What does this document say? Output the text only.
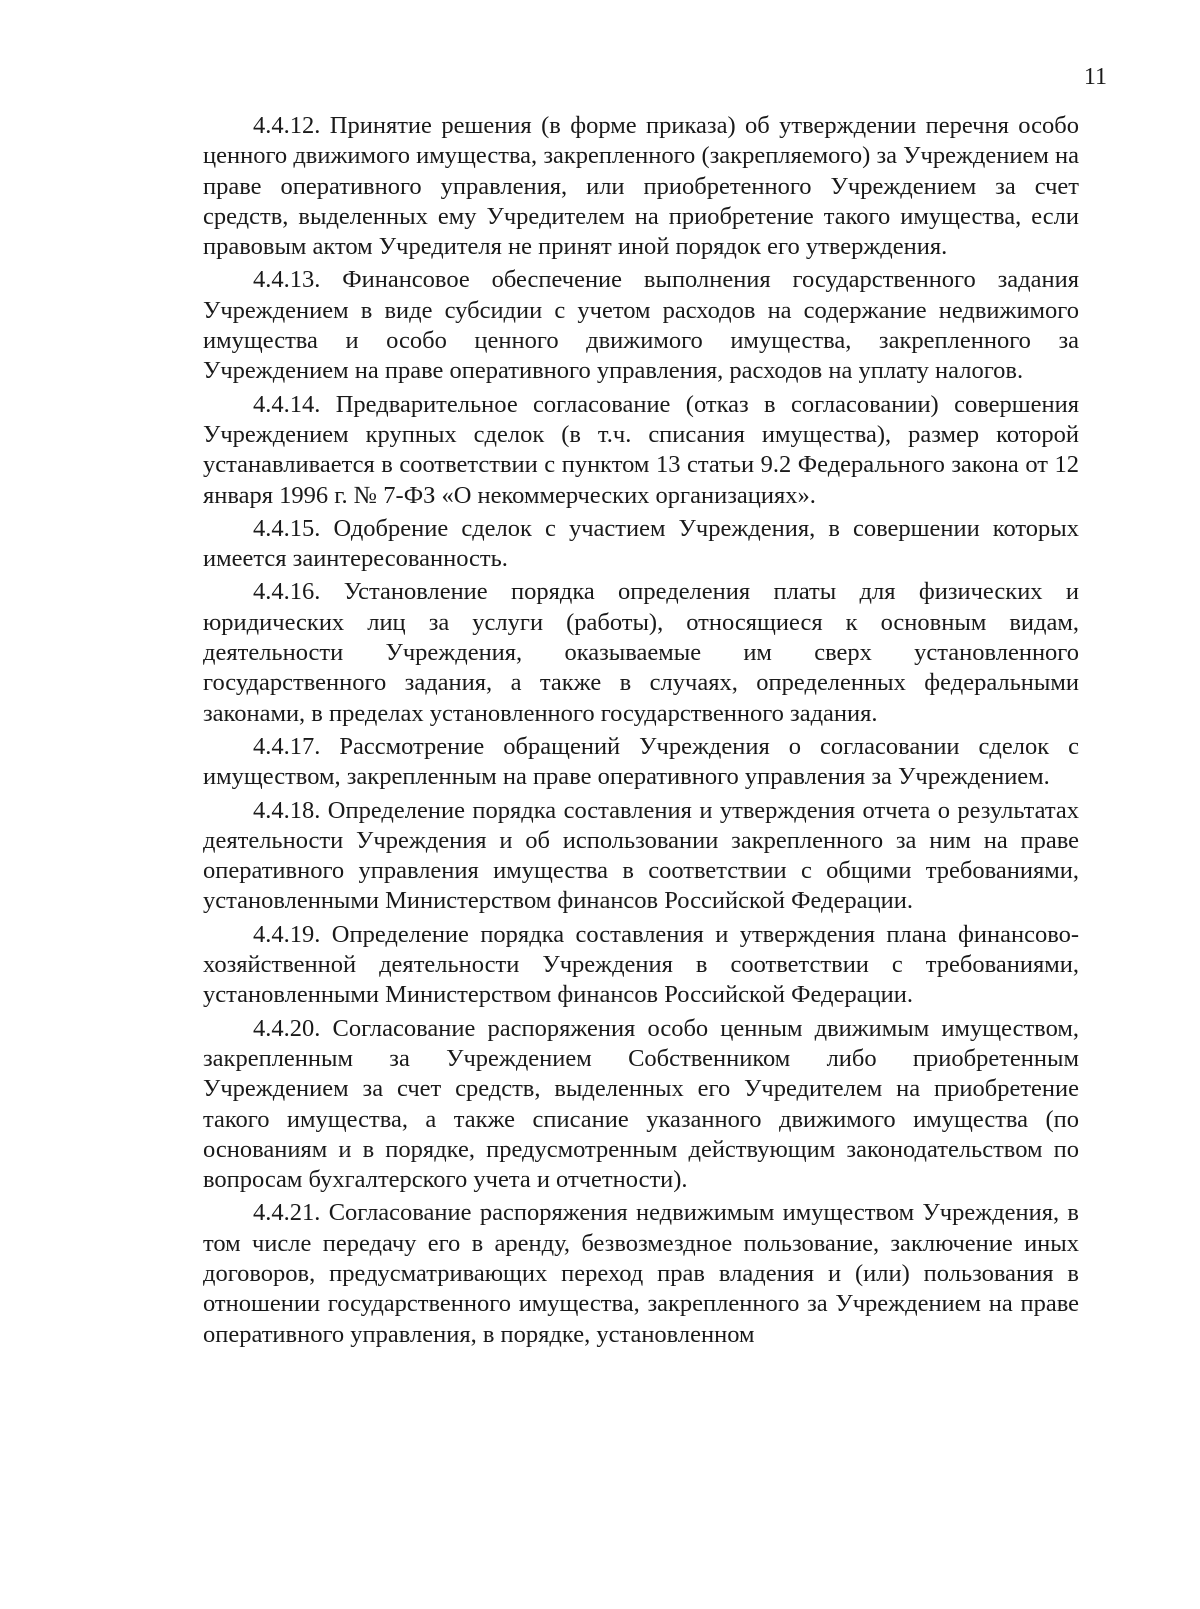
11

4.4.12. Принятие решения (в форме приказа) об утверждении перечня особо ценного движимого имущества, закрепленного (закрепляемого) за Учреждением на праве оперативного управления, или приобретенного Учреждением за счет средств, выделенных ему Учредителем на приобретение такого имущества, если правовым актом Учредителя не принят иной порядок его утверждения.

4.4.13. Финансовое обеспечение выполнения государственного задания Учреждением в виде субсидии с учетом расходов на содержание недвижимого имущества и особо ценного движимого имущества, закрепленного за Учреждением на праве оперативного управления, расходов на уплату налогов.

4.4.14. Предварительное согласование (отказ в согласовании) совершения Учреждением крупных сделок (в т.ч. списания имущества), размер которой устанавливается в соответствии с пунктом 13 статьи 9.2 Федерального закона от 12 января 1996 г. № 7-ФЗ «О некоммерческих организациях».

4.4.15. Одобрение сделок с участием Учреждения, в совершении которых имеется заинтересованность.

4.4.16. Установление порядка определения платы для физических и юридических лиц за услуги (работы), относящиеся к основным видам, деятельности Учреждения, оказываемые им сверх установленного государственного задания, а также в случаях, определенных федеральными законами, в пределах установленного государственного задания.

4.4.17. Рассмотрение обращений Учреждения о согласовании сделок с имуществом, закрепленным на праве оперативного управления за Учреждением.

4.4.18. Определение порядка составления и утверждения отчета о результатах деятельности Учреждения и об использовании закрепленного за ним на праве оперативного управления имущества в соответствии с общими требованиями, установленными Министерством финансов Российской Федерации.

4.4.19. Определение порядка составления и утверждения плана финансово-хозяйственной деятельности Учреждения в соответствии с требованиями, установленными Министерством финансов Российской Федерации.

4.4.20. Согласование распоряжения особо ценным движимым имуществом, закрепленным за Учреждением Собственником либо приобретенным Учреждением за счет средств, выделенных его Учредителем на приобретение такого имущества, а также списание указанного движимого имущества (по основаниям и в порядке, предусмотренным действующим законодательством по вопросам бухгалтерского учета и отчетности).

4.4.21. Согласование распоряжения недвижимым имуществом Учреждения, в том числе передачу его в аренду, безвозмездное пользование, заключение иных договоров, предусматривающих переход прав владения и (или) пользования в отношении государственного имущества, закрепленного за Учреждением на праве оперативного управления, в порядке, установленном
